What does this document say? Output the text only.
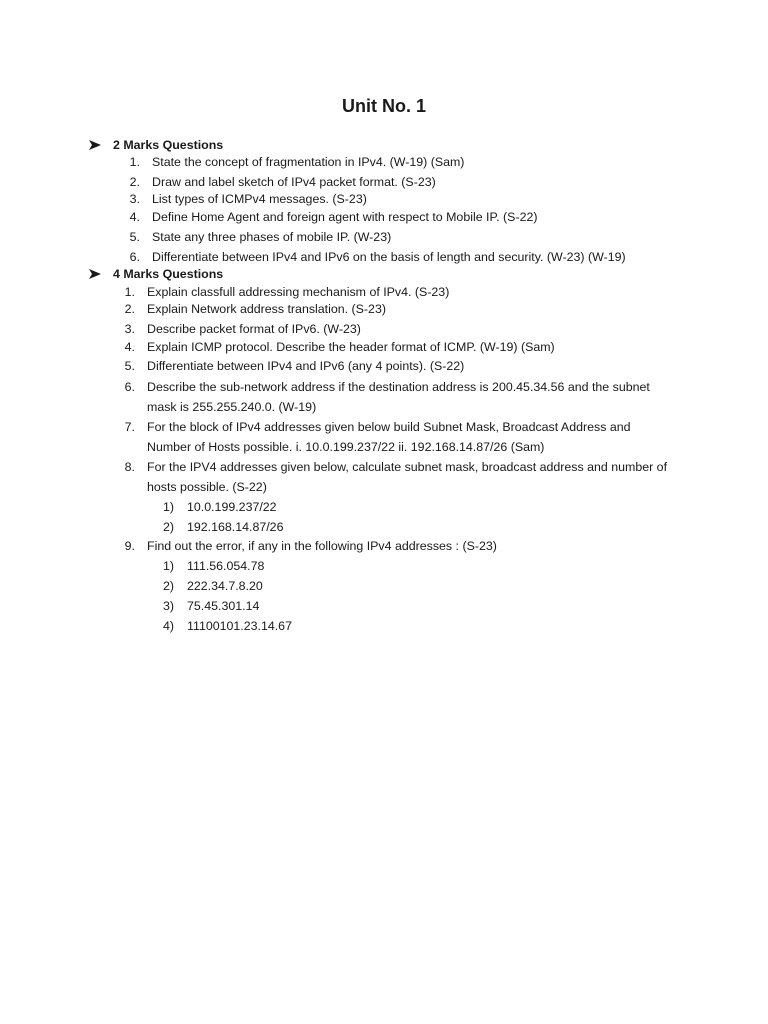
Unit No. 1
2 Marks Questions
1. State the concept of fragmentation in IPv4. (W-19) (Sam)
2. Draw and label sketch of IPv4 packet format. (S-23)
3. List types of ICMPv4 messages. (S-23)
4. Define Home Agent and foreign agent with respect to Mobile IP. (S-22)
5. State any three phases of mobile IP. (W-23)
6. Differentiate between IPv4 and IPv6 on the basis of length and security. (W-23) (W-19)
4 Marks Questions
1. Explain classfull addressing mechanism of IPv4. (S-23)
2. Explain Network address translation. (S-23)
3. Describe packet format of IPv6. (W-23)
4. Explain ICMP protocol. Describe the header format of ICMP. (W-19) (Sam)
5. Differentiate between IPv4 and IPv6 (any 4 points). (S-22)
6. Describe the sub-network address if the destination address is 200.45.34.56 and the subnet
mask is 255.255.240.0. (W-19)
7. For the block of IPv4 addresses given below build Subnet Mask, Broadcast Address and
Number of Hosts possible. i. 10.0.199.237/22 ii. 192.168.14.87/26 (Sam)
8. For the IPV4 addresses given below, calculate subnet mask, broadcast address and number of
hosts possible. (S-22)
1) 10.0.199.237/22
2) 192.168.14.87/26
9. Find out the error, if any in the following IPv4 addresses : (S-23)
1) 111.56.054.78
2) 222.34.7.8.20
3) 75.45.301.14
4) 11100101.23.14.67
